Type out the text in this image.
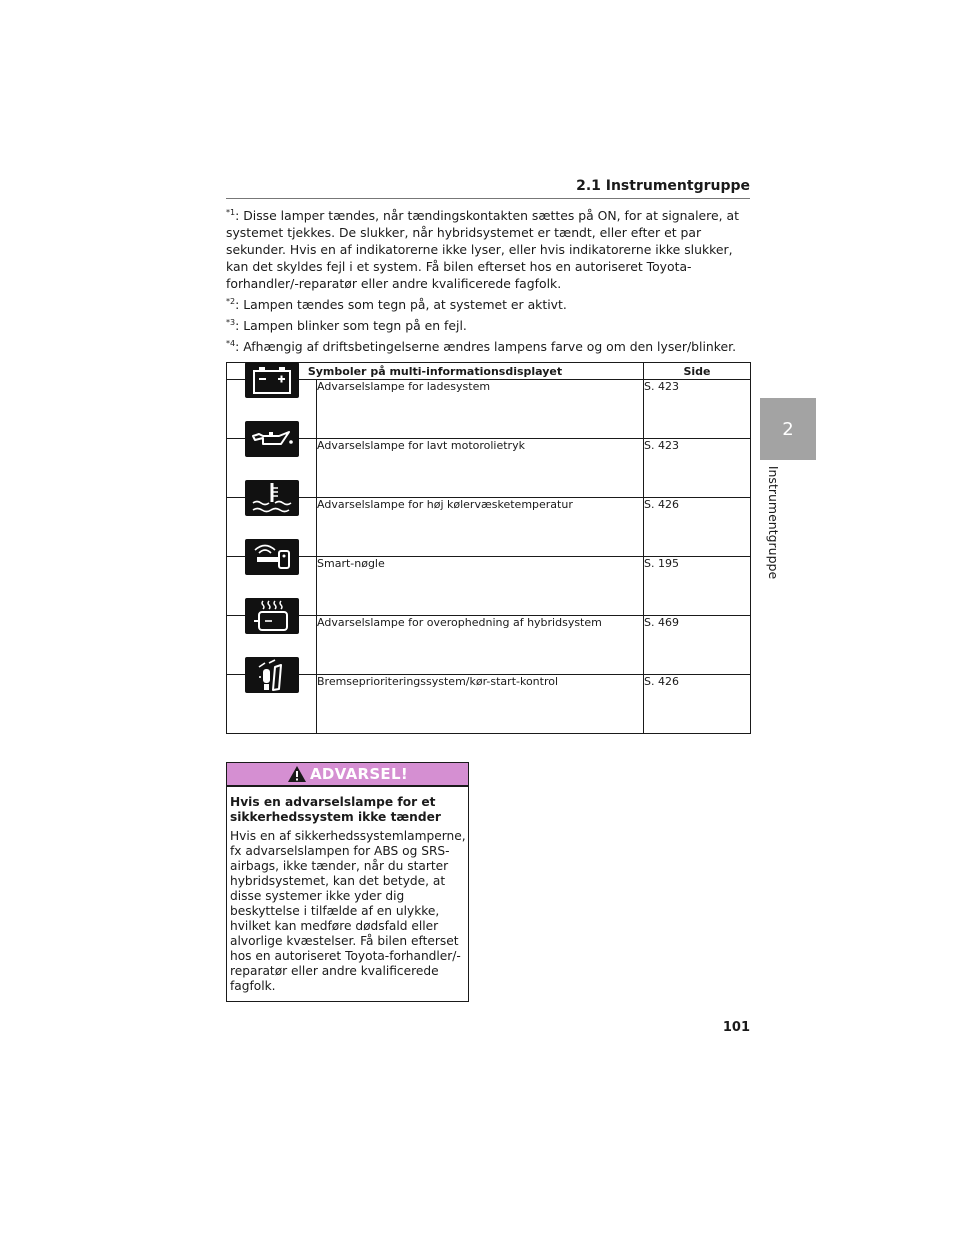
2.1 Instrumentgruppe
2
Instrumentgruppe

$^{*1}$: Disse lamper tændes, når tændingskontakten sættes på ON, for at signalere, at systemet tjekkes. De slukker, når hybridsystemet er tændt, eller efter et par sekunder. Hvis en af indikatorerne ikke lyser, eller hvis indikatorerne ikke slukker, kan det skyldes fejl i et system. Få bilen efterset hos en autoriseret Toyota-forhandler/-reparatør eller andre kvalificerede fagfolk.

$^{*2}$: Lampen tændes som tegn på, at systemet er aktivt.

$^{*3}$: Lampen blinker som tegn på en fejl.

$^{*4}$: Afhængig af driftsbetingelserne ændres lampens farve og om den lyser/blinker.

Symboler på multi-informationsdisplayet		Side

	Advarselslampe for ladesystem	S. 423

	Advarselslampe for lavt motorolietryk	S. 423

	Advarselslampe for høj kølervæsketemperatur	S. 426

	Smart-nøgle	S. 195

	Advarselslampe for overophedning af hybridsystem	S. 469

	Bremseprioriteringssystem/kør-start-kontrol	S. 426
ADVARSEL!
Hvis en advarselslampe for et sikkerhedssystem ikke tænder
Hvis en af sikkerhedssystemlamperne, fx advarselslampen for ABS og SRS-airbags, ikke tænder, når du starter hybridsystemet, kan det betyde, at disse systemer ikke yder dig beskyttelse i tilfælde af en ulykke, hvilket kan medføre dødsfald eller alvorlige kvæstelser. Få bilen efterset hos en autoriseret Toyota-forhandler/-reparatør eller andre kvalificerede fagfolk.
101
